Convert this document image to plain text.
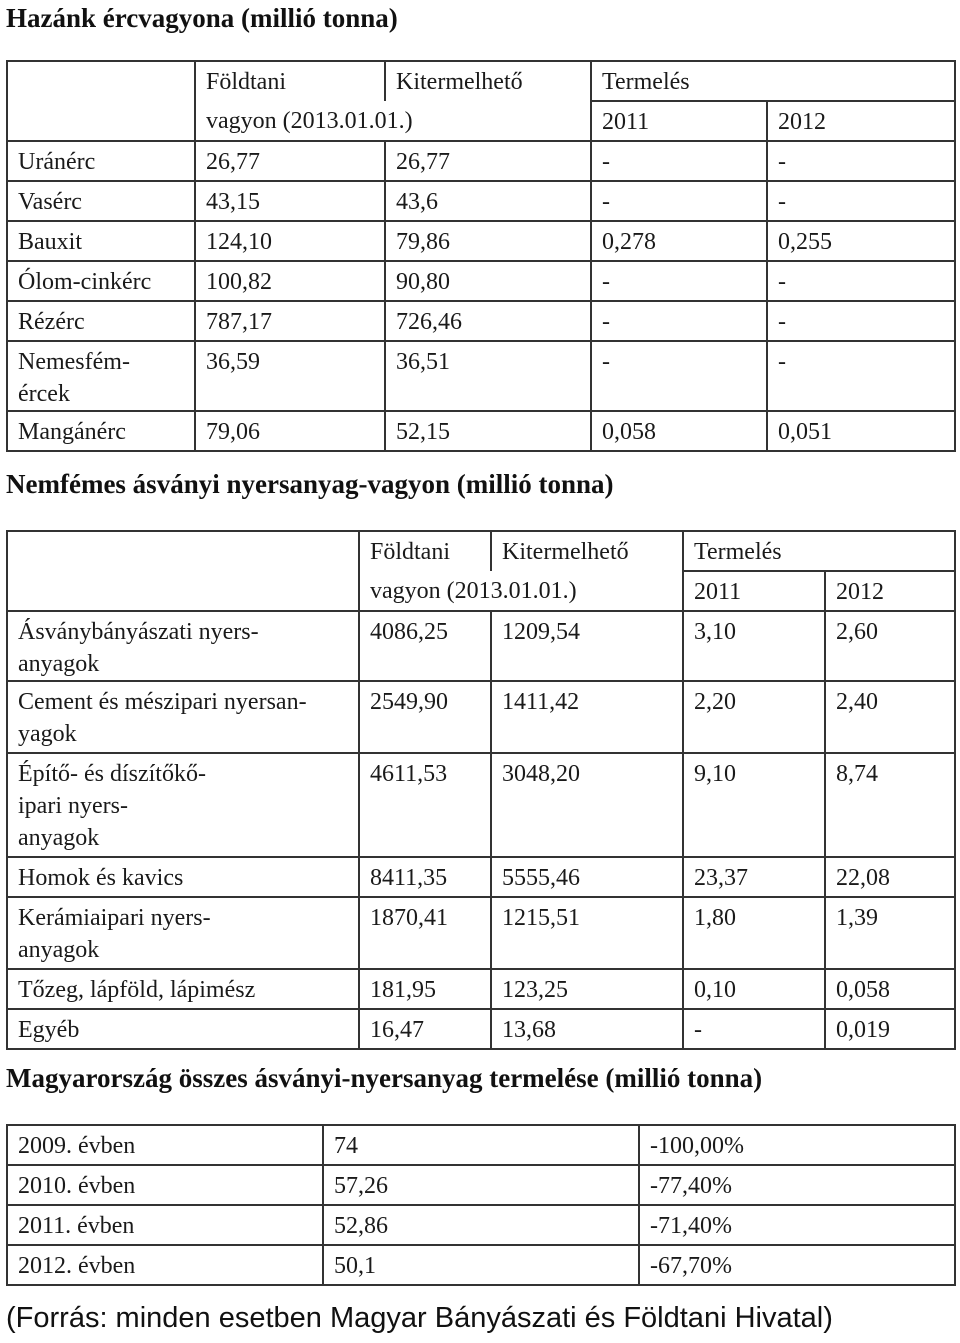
Hazánk ércvagyona (millió tonna)
	Földtani	Kitermelhető	Termelés	
	vagyon (2013.01.01.)		2011	2012
Uránérc	26,77	26,77	-	-
Vasérc	43,15	43,6	-	-
Bauxit	124,10	79,86	0,278	0,255
Ólom-cinkérc	100,82	90,80	-	-
Rézérc	787,17	726,46	-	-
Nemesfém-
ércek	36,59	36,51	-	-
Mangánérc	79,06	52,15	0,058	0,051
Nemfémes ásványi nyersanyag-vagyon (millió tonna)
	Földtani	Kitermelhető	Termelés	
	vagyon (2013.01.01.)		2011	2012
Ásványbányászati nyers-
anyagok	4086,25	1209,54	3,10	2,60
Cement és mészipari nyersan-
yagok	2549,90	1411,42	2,20	2,40
Építő- és díszítőkő-
ipari nyers-
anyagok	4611,53	3048,20	9,10	8,74
Homok és kavics	8411,35	5555,46	23,37	22,08
Kerámiaipari nyers-
anyagok	1870,41	1215,51	1,80	1,39
Tőzeg, lápföld, lápimész	181,95	123,25	0,10	0,058
Egyéb	16,47	13,68	-	0,019
Magyarország összes ásványi-nyersanyag termelése (millió tonna)
2009. évben	74	-100,00%
2010. évben	57,26	-77,40%
2011. évben	52,86	-71,40%
2012. évben	50,1	-67,70%

(Forrás: minden esetben Magyar Bányászati és Földtani Hivatal)
